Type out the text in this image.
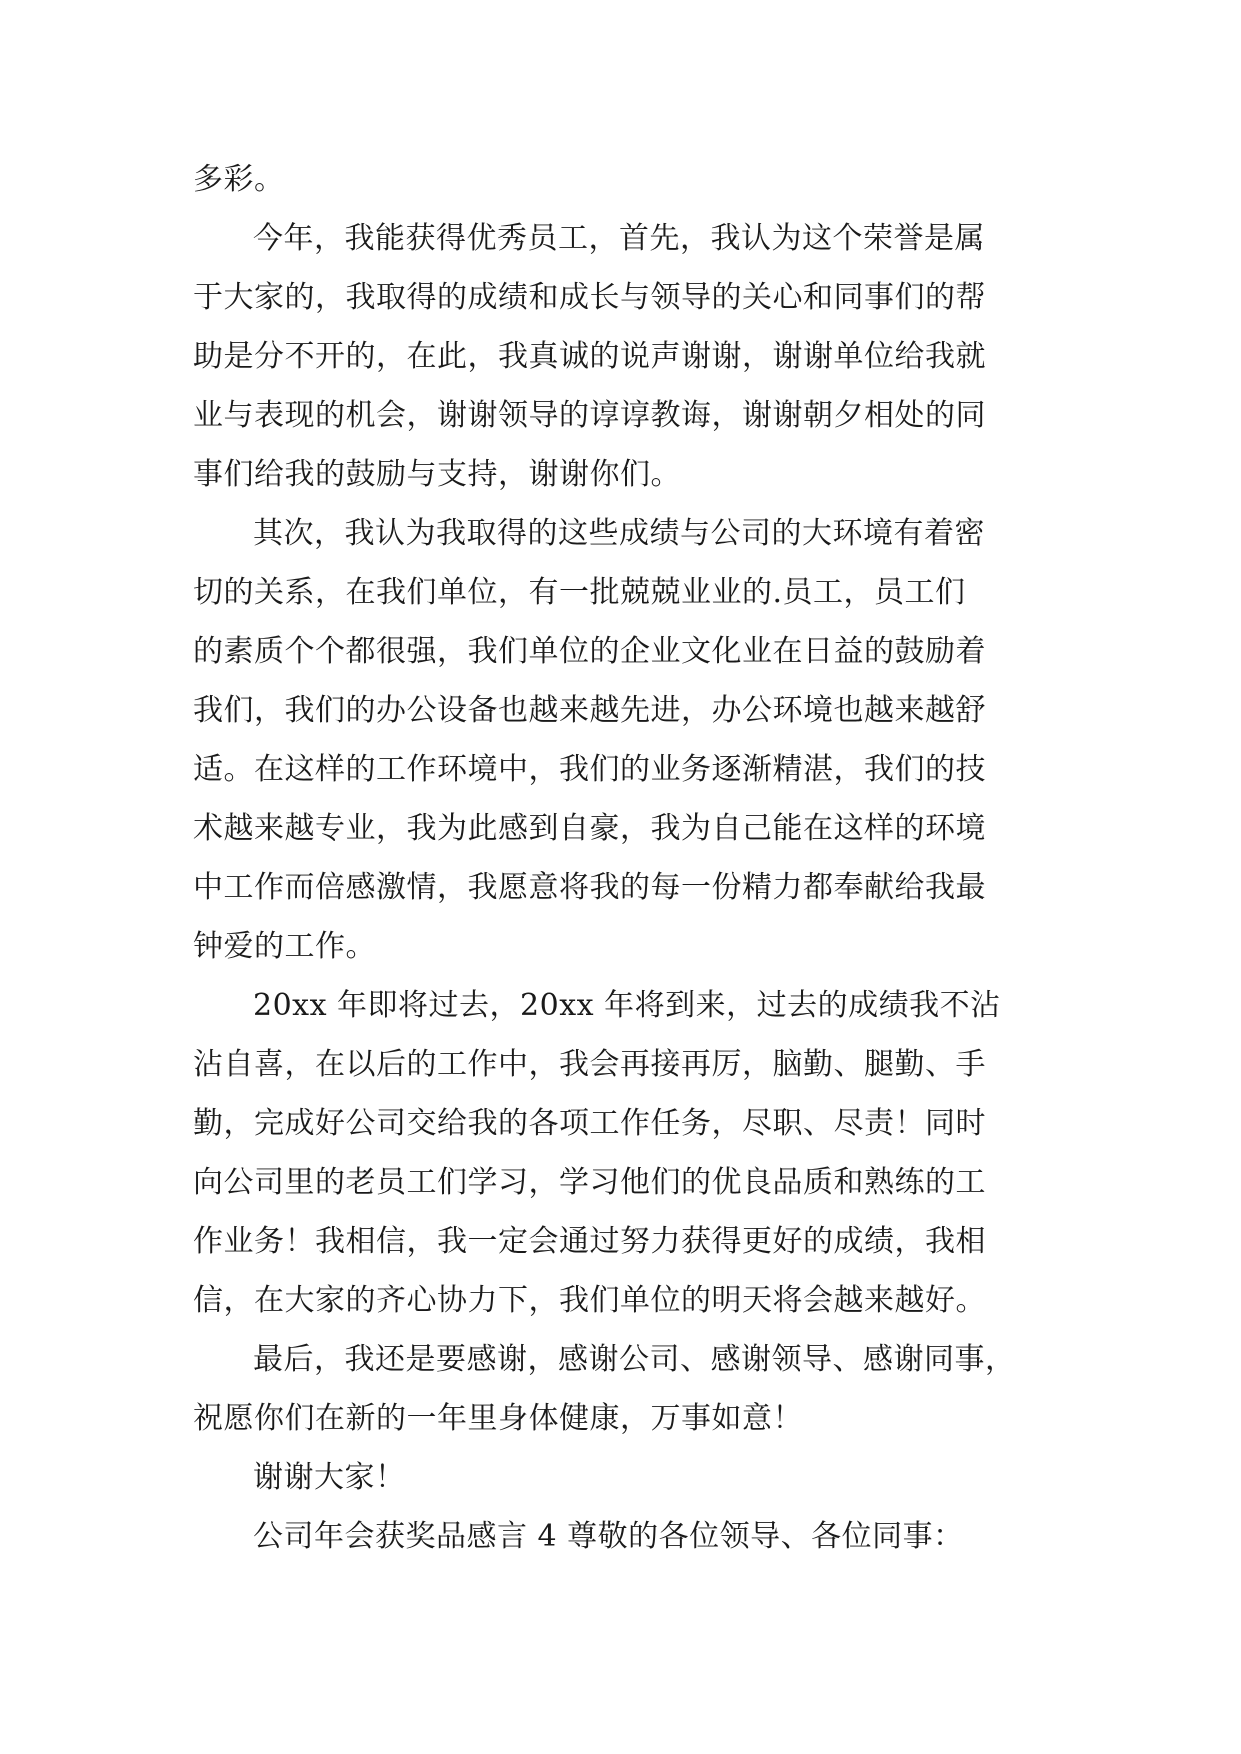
多彩。
今年，我能获得优秀员工，首先，我认为这个荣誉是属
于大家的，我取得的成绩和成长与领导的关心和同事们的帮
助是分不开的，在此，我真诚的说声谢谢，谢谢单位给我就
业与表现的机会，谢谢领导的谆谆教诲，谢谢朝夕相处的同
事们给我的鼓励与支持，谢谢你们。
其次，我认为我取得的这些成绩与公司的大环境有着密
切的关系，在我们单位，有一批兢兢业业的.员工，员工们
的素质个个都很强，我们单位的企业文化业在日益的鼓励着
我们，我们的办公设备也越来越先进，办公环境也越来越舒
适。在这样的工作环境中，我们的业务逐渐精湛，我们的技
术越来越专业，我为此感到自豪，我为自己能在这样的环境
中工作而倍感激情，我愿意将我的每一份精力都奉献给我最
钟爱的工作。
20xx 年即将过去，20xx 年将到来，过去的成绩我不沾
沾自喜，在以后的工作中，我会再接再厉，脑勤、腿勤、手
勤，完成好公司交给我的各项工作任务，尽职、尽责！同时
向公司里的老员工们学习，学习他们的优良品质和熟练的工
作业务！我相信，我一定会通过努力获得更好的成绩，我相
信，在大家的齐心协力下，我们单位的明天将会越来越好。
最后，我还是要感谢，感谢公司、感谢领导、感谢同事，
祝愿你们在新的一年里身体健康，万事如意！
谢谢大家！
公司年会获奖品感言 4 尊敬的各位领导、各位同事：
